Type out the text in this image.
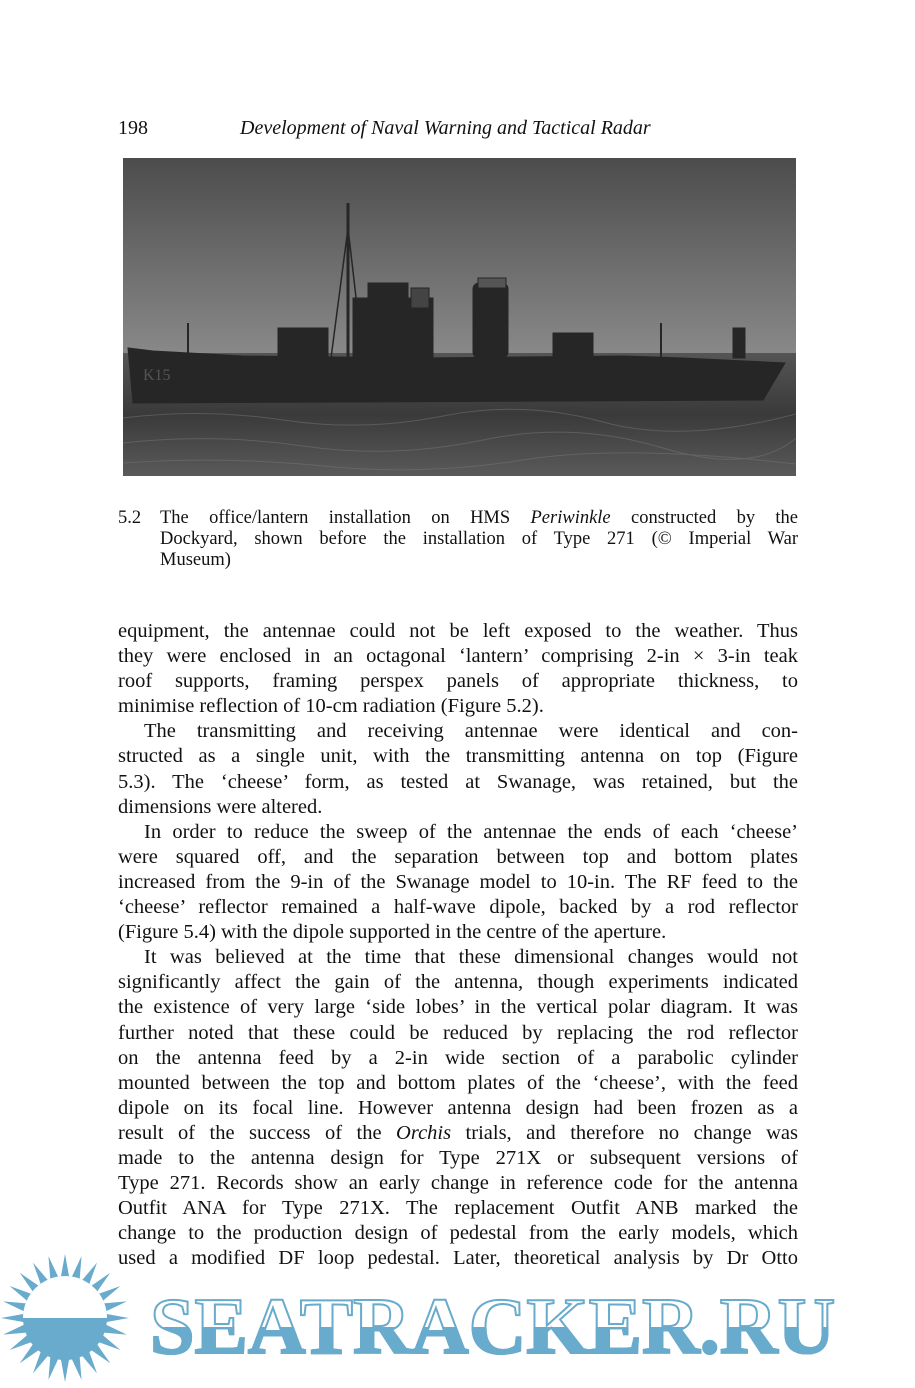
198	Development of Naval Warning and Tactical Radar
K15
5.2 The office/lantern installation on HMS Periwinkle constructed by the
Dockyard, shown before the installation of Type 271 (© Imperial War
Museum)
equipment, the antennae could not be left exposed to the weather. Thus
they were enclosed in an octagonal ‘lantern’ comprising 2-in × 3-in teak
roof supports, framing perspex panels of appropriate thickness, to
minimise reflection of 10-cm radiation (Figure 5.2).
The transmitting and receiving antennae were identical and con-
structed as a single unit, with the transmitting antenna on top (Figure
5.3). The ‘cheese’ form, as tested at Swanage, was retained, but the
dimensions were altered.
In order to reduce the sweep of the antennae the ends of each ‘cheese’
were squared off, and the separation between top and bottom plates
increased from the 9-in of the Swanage model to 10-in. The RF feed to the
‘cheese’ reflector remained a half-wave dipole, backed by a rod reflector
(Figure 5.4) with the dipole supported in the centre of the aperture.
It was believed at the time that these dimensional changes would not
significantly affect the gain of the antenna, though experiments indicated
the existence of very large ‘side lobes’ in the vertical polar diagram. It was
further noted that these could be reduced by replacing the rod reflector
on the antenna feed by a 2-in wide section of a parabolic cylinder
mounted between the top and bottom plates of the ‘cheese’, with the feed
dipole on its focal line. However antenna design had been frozen as a
result of the success of the Orchis trials, and therefore no change was
made to the antenna design for Type 271X or subsequent versions of
Type 271. Records show an early change in reference code for the antenna
Outfit ANA for Type 271X. The replacement Outfit ANB marked the
change to the production design of pedestal from the early models, which
used a modified DF loop pedestal. Later, theoretical analysis by Dr Otto
SEATRACKER.RU
